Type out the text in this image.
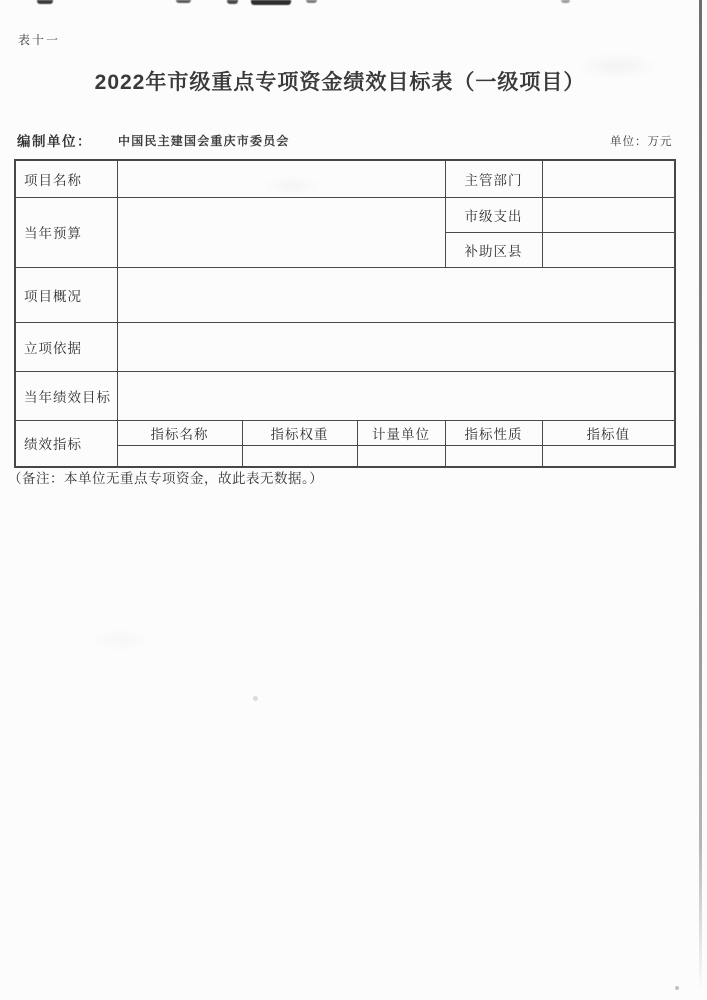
表十一
2022年市级重点专项资金绩效目标表（一级项目）
编制单位： 中国民主建国会重庆市委员会	单位：万元
项目名称				主管部门	
当年预算				市级支出	
				补助区县	
项目概况					
立项依据					
当年绩效目标					
绩效指标	指标名称	指标权重	计量单位	指标性质	指标值

（备注：本单位无重点专项资金，故此表无数据。）
